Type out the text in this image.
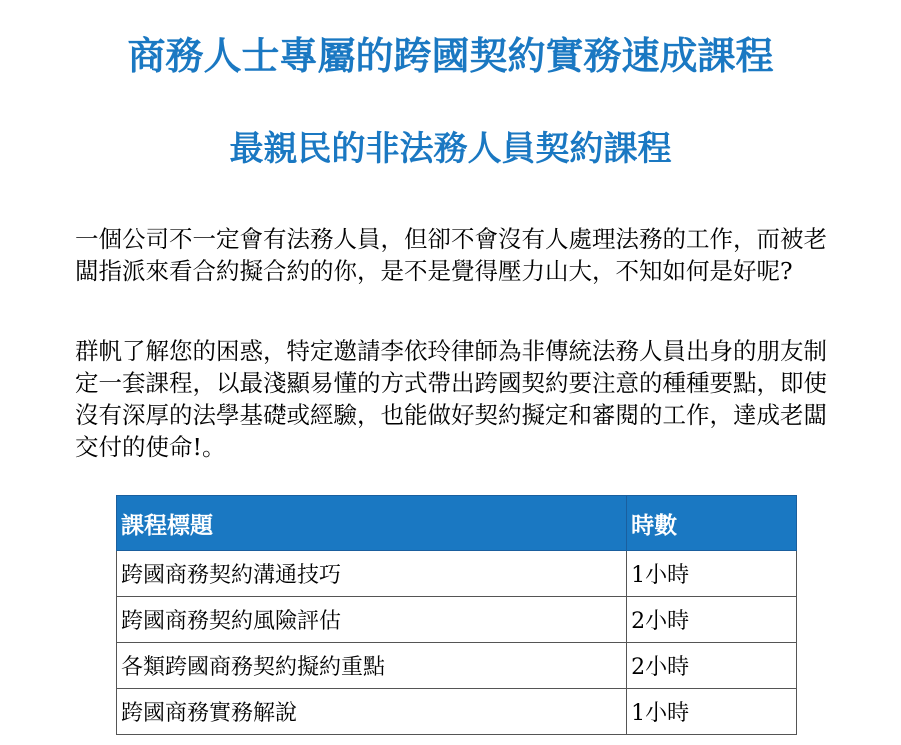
商務人士專屬的跨國契約實務速成課程
最親民的非法務人員契約課程

一個公司不一定會有法務人員，但卻不會沒有人處理法務的工作，而被老闆指派來看合約擬合約的你，是不是覺得壓力山大，不知如何是好呢?

群帆了解您的困惑，特定邀請李依玲律師為非傳統法務人員出身的朋友制定一套課程，以最淺顯易懂的方式帶出跨國契約要注意的種種要點，即使沒有深厚的法學基礎或經驗，也能做好契約擬定和審閱的工作，達成老闆交付的使命!。

課程標題	時數
跨國商務契約溝通技巧	1小時
跨國商務契約風險評估	2小時
各類跨國商務契約擬約重點	2小時
跨國商務實務解說	1小時
